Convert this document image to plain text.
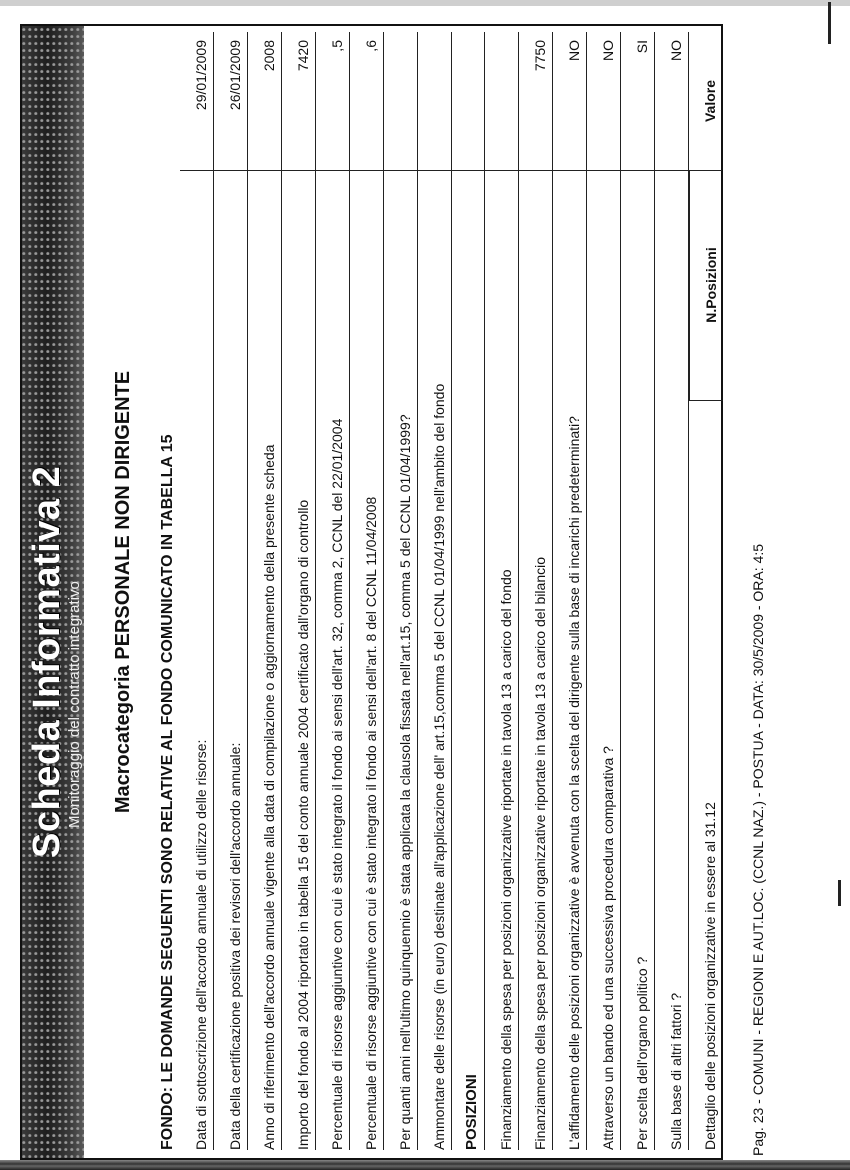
Scheda Informativa 2
Monitoraggio del contratto integrativo Macrocategoria PERSONALE NON DIRIGENTE FONDO: LE DOMANDE SEGUENTI SONO RELATIVE AL FONDO COMUNICATO IN TABELLA 15 Data di sottoscrizione dell'accordo annuale di utilizzo delle risorse:
29/01/2009
Data della certificazione positiva dei revisori dell'accordo annuale:
26/01/2009
Anno di riferimento dell'accordo annuale vigente alla data di compilazione o aggiornamento della presente scheda
2008
Importo del fondo al 2004 riportato in tabella 15 del conto annuale 2004 certificato dall'organo di controllo
7420
Percentuale di risorse aggiuntive con cui è stato integrato il fondo ai sensi dell'art. 32, comma 2, CCNL del 22/01/2004
,5
Percentuale di risorse aggiuntive con cui è stato integrato il fondo ai sensi dell'art. 8 del CCNL 11/04/2008
,6
Per quanti anni nell'ultimo quinquennio è stata applicata la clausola fissata nell'art.15, comma 5 del CCNL 01/04/1999? Ammontare delle risorse (in euro) destinate all'applicazione dell' art.15,comma 5 del CCNL 01/04/1999 nell'ambito del fondo POSIZIONI Finanziamento della spesa per posizioni organizzative riportate in tavola 13 a carico del fondo Finanziamento della spesa per posizioni organizzative riportate in tavola 13 a carico del bilancio
7750
L'affidamento delle posizioni organizzative è avvenuta con la scelta del dirigente sulla base di incarichi predeterminati?
NO
Attraverso un bando ed una successiva procedura comparativa ?
NO
Per scelta dell'organo politico ?
SI
Sulla base di altri fattori ?
NO
Dettaglio delle posizioni organizzative in essere al 31.12
N.Posizioni
Valore
Pag. 23 - COMUNI - REGIONI E AUT.LOC. (CCNL NAZ.) - POSTUA - DATA: 30/5/2009 - ORA: 4:5
